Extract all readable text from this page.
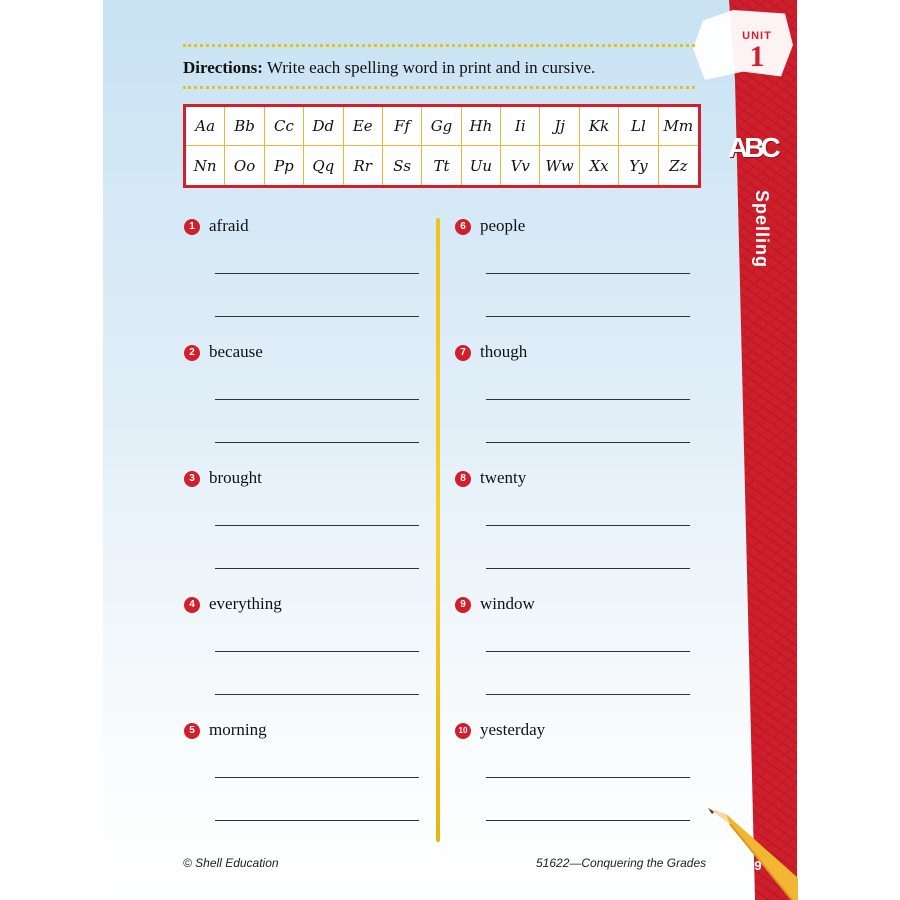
UNIT
1
ABC
Spelling
Directions: Write each spelling word in print and in cursive.
Aa	Bb	Cc	Dd	Ee	Ff	Gg	Hh	Ii	Jj	Kk	Ll	Mm
Nn	Oo	Pp	Qq	Rr	Ss	Tt	Uu	Vv	Ww	Xx	Yy	Zz
1 afraid
2 because
3 brought
4 everything
5 morning
6 people
7 though
8 twenty
9 window
10 yesterday
© Shell Education	51622—Conquering the Grades	9
